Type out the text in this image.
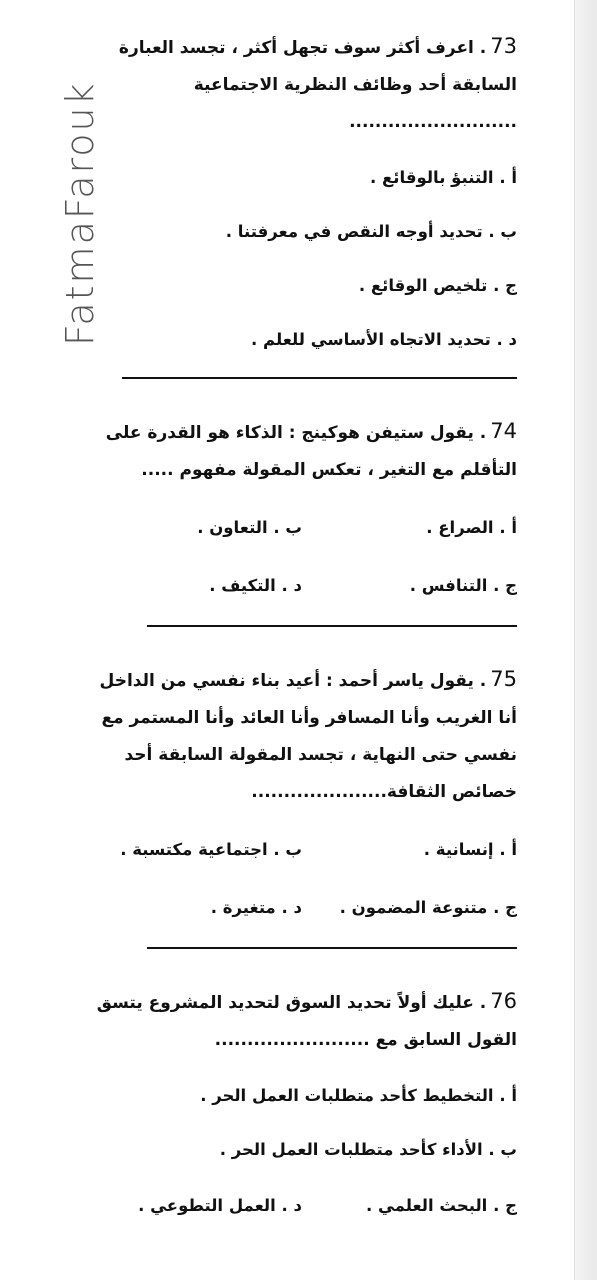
FatmaFarouk
73. اعرف أكثر سوف تجهل أكثر ، تجسد العبارة السابقة أحد وظائف النظرية الاجتماعية ..........................
أ . التنبؤ بالوقائع .
ب . تحديد أوجه النقص في معرفتنا .
ج . تلخيص الوقائع .
د . تحديد الاتجاه الأساسي للعلم .
74. يقول ستيفن هوكينج : الذكاء هو القدرة على التأقلم مع التغير ، تعكس المقولة مفهوم .....
أ . الصراع .
ب . التعاون .
ج . التنافس .
د . التكيف .
75. يقول ياسر أحمد : أعيد بناء نفسي من الداخل أنا الغريب وأنا المسافر وأنا العائد وأنا المستمر مع نفسي حتى النهاية ، تجسد المقولة السابقة أحد خصائص الثقافة.....................
أ . إنسانية .
ب . اجتماعية مكتسبة .
ج . متنوعة المضمون .
د . متغيرة .
76. عليك أولاً تحديد السوق لتحديد المشروع يتسق القول السابق مع ........................
أ . التخطيط كأحد متطلبات العمل الحر .
ب . الأداء كأحد متطلبات العمل الحر .
ج . البحث العلمي .
د . العمل التطوعي .
